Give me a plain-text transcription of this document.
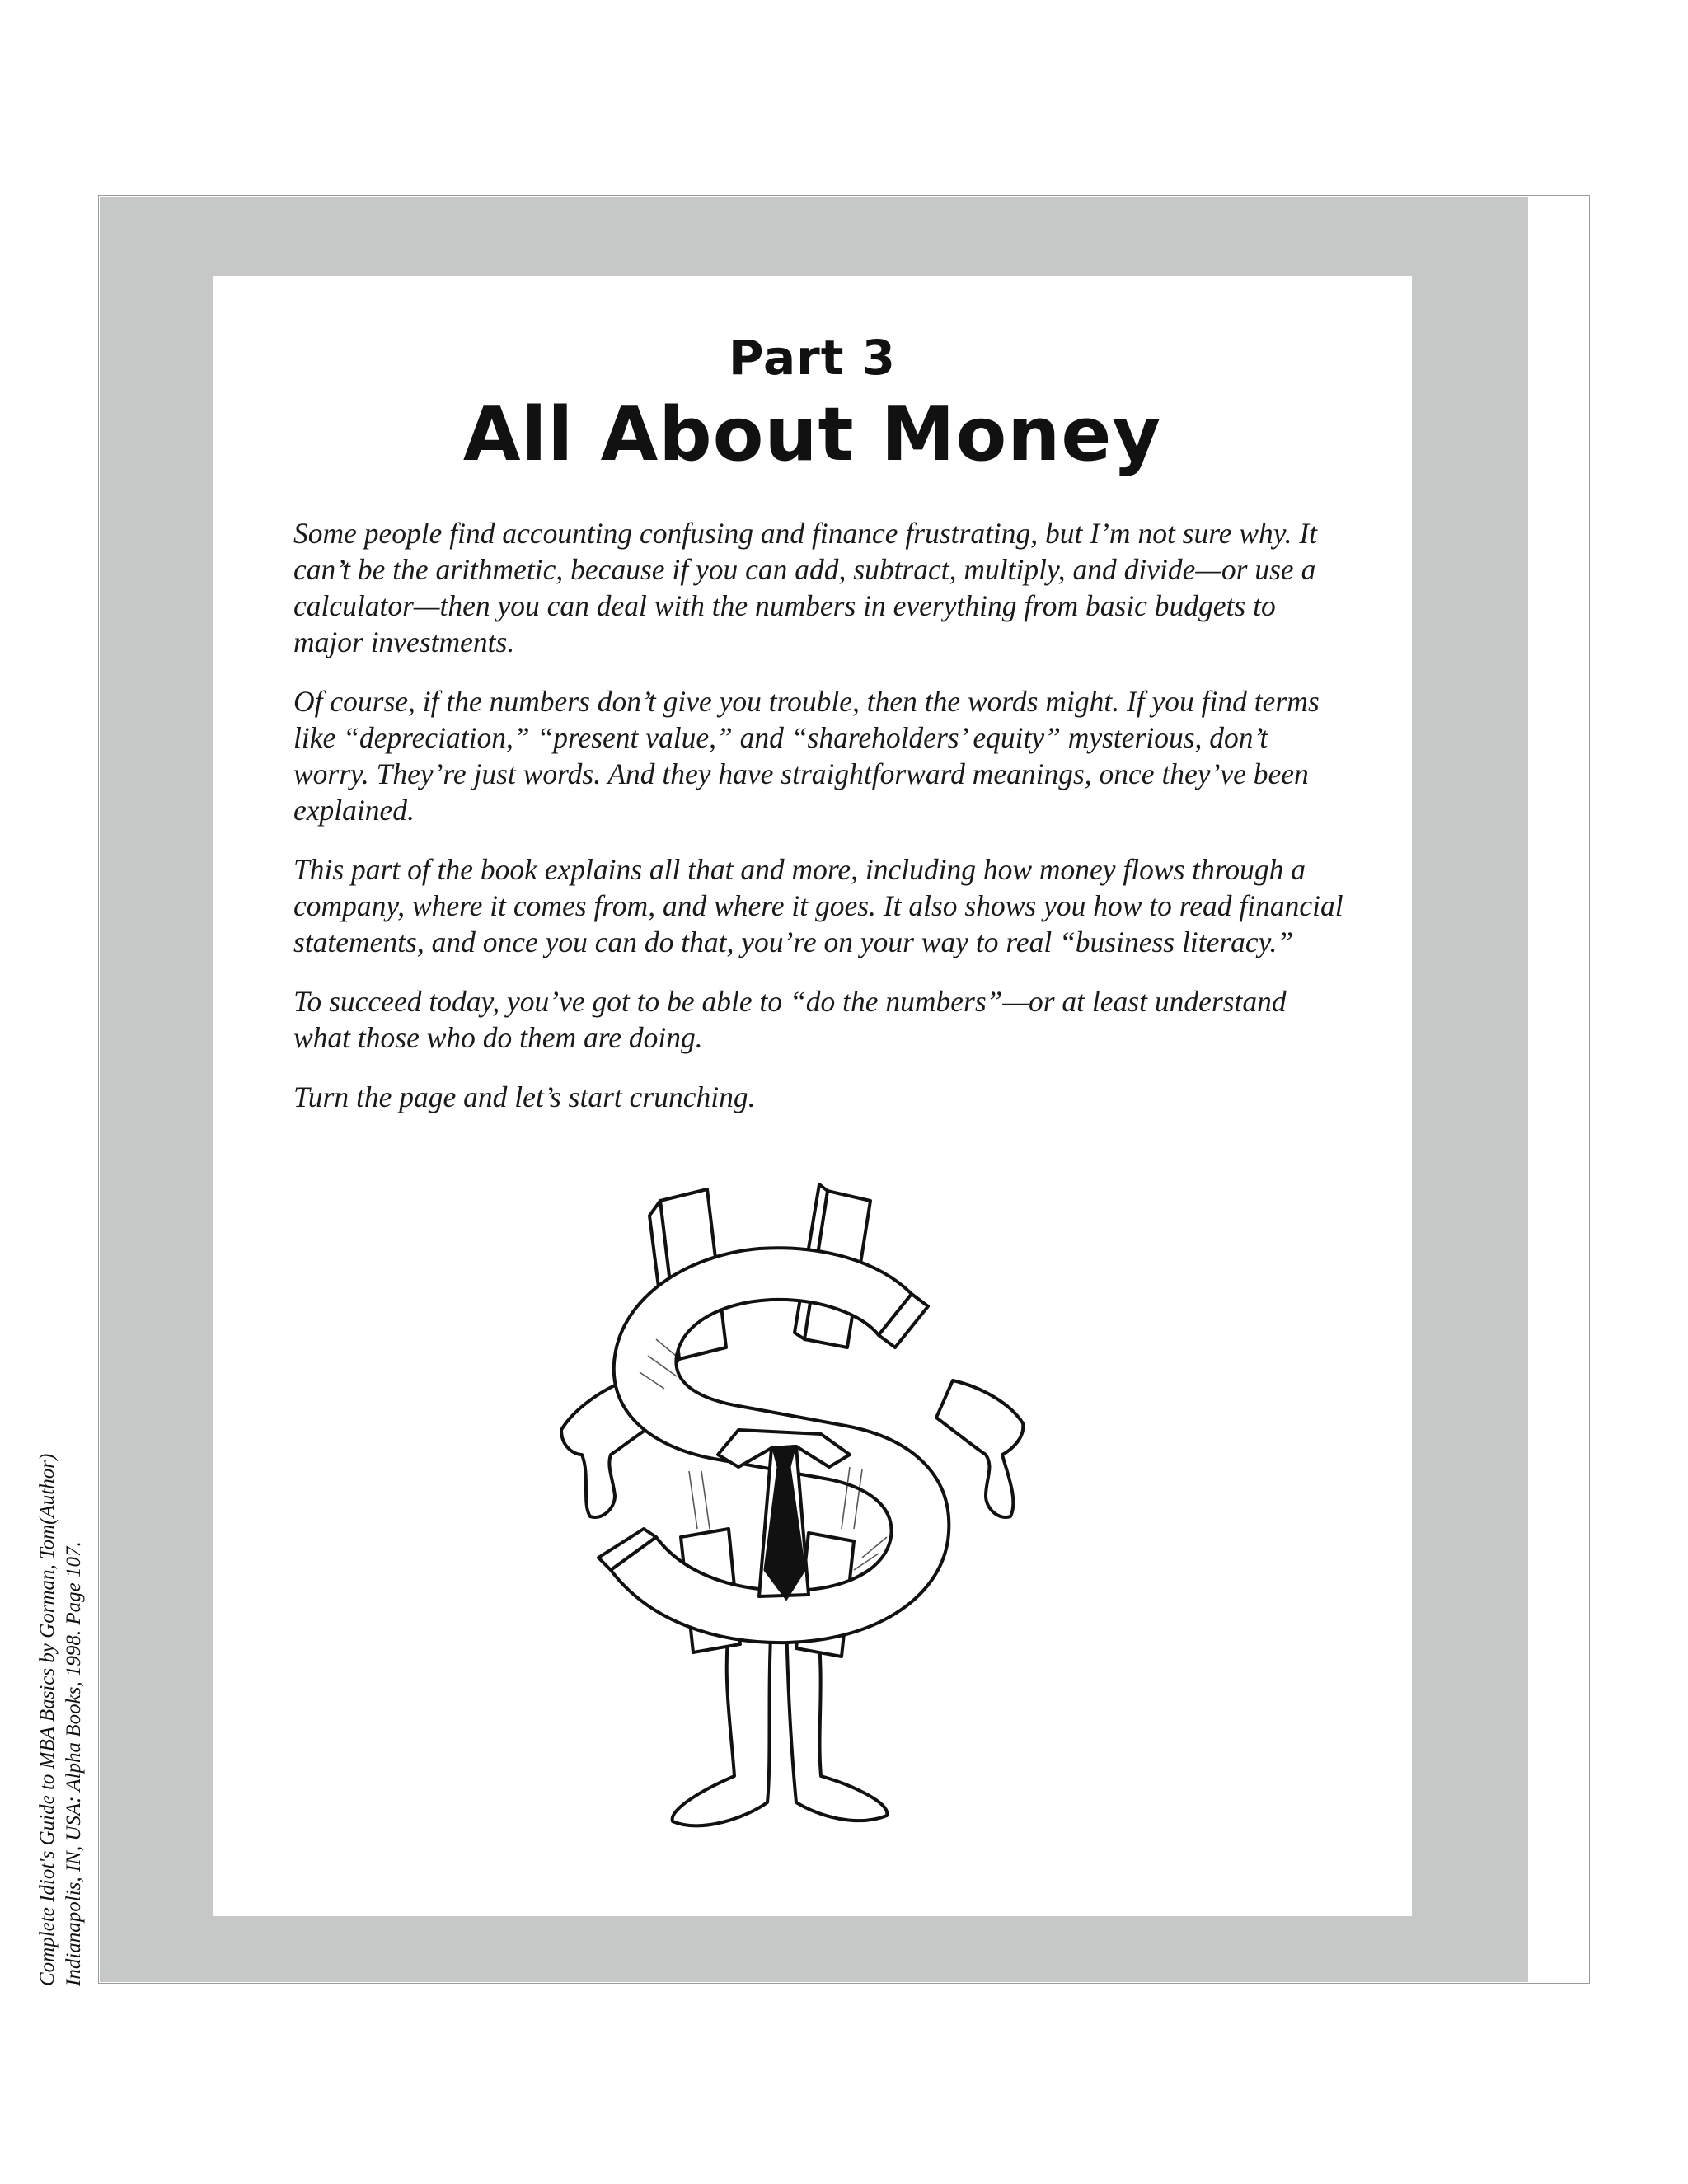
Part 3
All About Money

Some people find accounting confusing and finance frustrating, but I’m not sure why. It can’t be the arithmetic, because if you can add, subtract, multiply, and divide—or use a calculator—then you can deal with the numbers in everything from basic budgets to major investments.

Of course, if the numbers don’t give you trouble, then the words might. If you find terms like “depreciation,” “present value,” and “shareholders’ equity” mysterious, don’t worry. They’re just words. And they have straightforward meanings, once they’ve been explained.

This part of the book explains all that and more, including how money flows through a company, where it comes from, and where it goes. It also shows you how to read financial statements, and once you can do that, you’re on your way to real “business literacy.”

To succeed today, you’ve got to be able to “do the numbers”—or at least understand what those who do them are doing.

Turn the page and let’s start crunching.

Complete Idiot's Guide to MBA Basics by Gorman, Tom(Author) Indianapolis, IN, USA: Alpha Books, 1998. Page 107.
